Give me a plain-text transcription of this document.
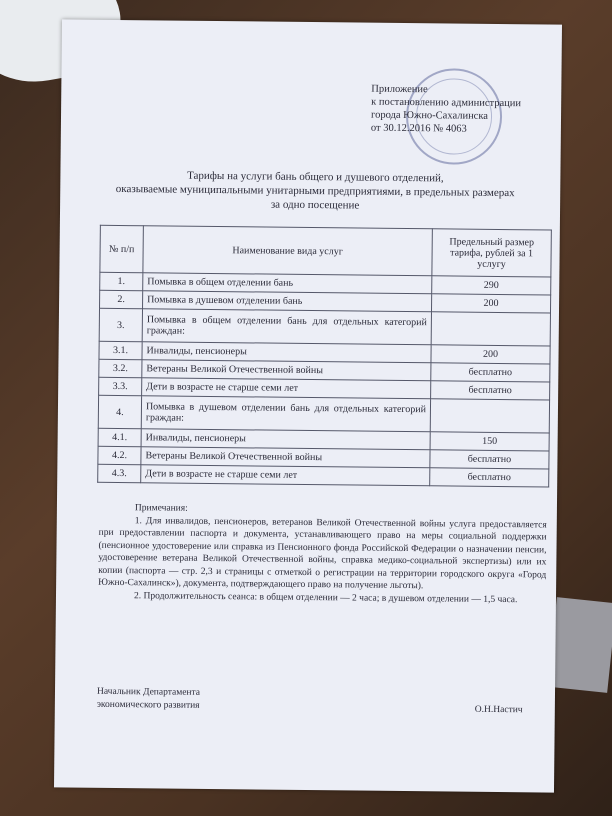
Приложение
к постановлению администрации
города Южно-Сахалинска
от 30.12.2016 № 4063
Тарифы на услуги бань общего и душевого отделений,
оказываемые муниципальными унитарными предприятиями, в предельных размерах
за одно посещение
№ п/п	Наименование вида услуг	Предельный размер тарифа, рублей за 1 услугу
1.	Помывка в общем отделении бань	290
2.	Помывка в душевом отделении бань	200
3.	Помывка в общем отделении бань для отдельных категорий граждан:	
3.1.	Инвалиды, пенсионеры	200
3.2.	Ветераны Великой Отечественной войны	бесплатно
3.3.	Дети в возрасте не старше семи лет	бесплатно
4.	Помывка в душевом отделении бань для отдельных категорий граждан:	
4.1.	Инвалиды, пенсионеры	150
4.2.	Ветераны Великой Отечественной войны	бесплатно
4.3.	Дети в возрасте не старше семи лет	бесплатно

Примечания:

1. Для инвалидов, пенсионеров, ветеранов Великой Отечественной войны услуга предоставляется при предоставлении паспорта и документа, устанавливающего право на меры социальной поддержки (пенсионное удостоверение или справка из Пенсионного фонда Российской Федерации о назначении пенсии, удостоверение ветерана Великой Отечественной войны, справка медико-социальной экспертизы) или их копии (паспорта — стр. 2,3 и страницы с отметкой о регистрации на территории городского округа «Город Южно-Сахалинск»), документа, подтверждающего право на получение льготы).

2. Продолжительность сеанса: в общем отделении — 2 часа; в душевом отделении — 1,5 часа.

Начальник Департамента
экономического развития	О.Н.Настич
